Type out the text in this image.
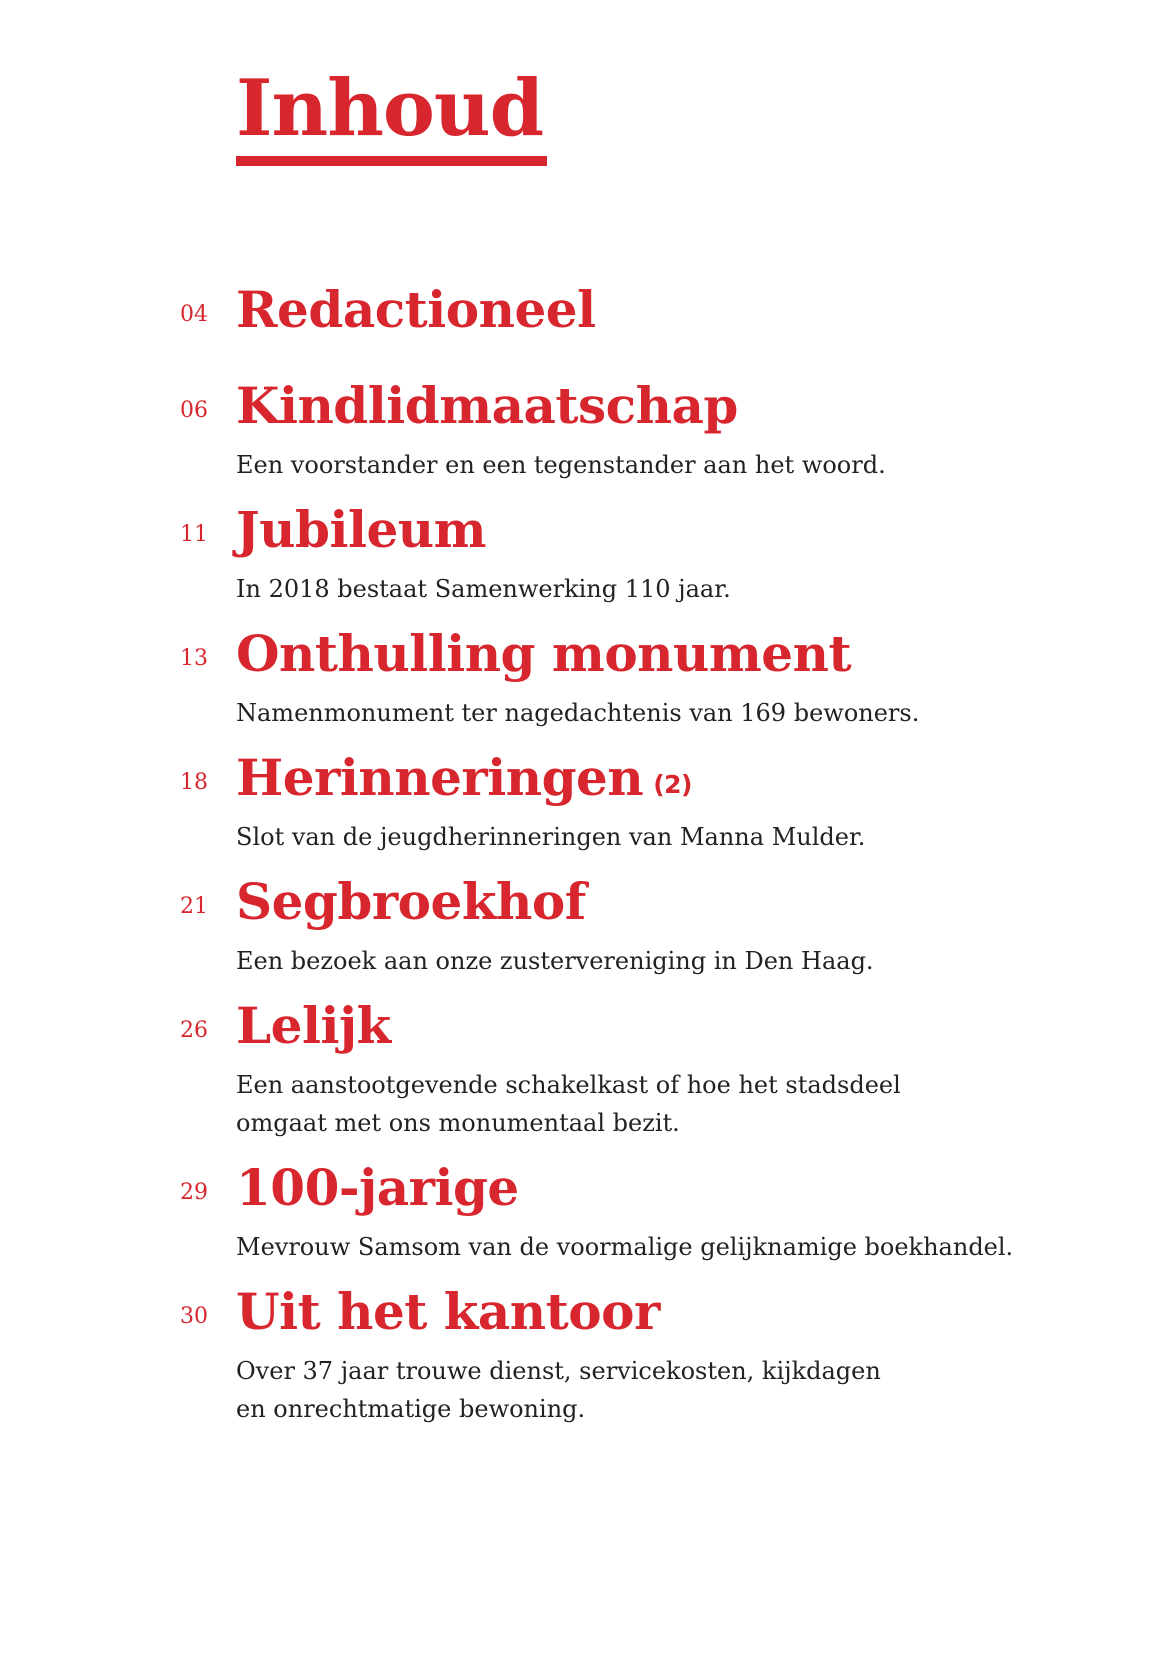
Inhoud
04 Redactioneel
06 Kindlidmaatschap
Een voorstander en een tegenstander aan het woord.
11 Jubileum
In 2018 bestaat Samenwerking 110 jaar.
13 Onthulling monument
Namenmonument ter nagedachtenis van 169 bewoners.
18 Herinneringen (2)
Slot van de jeugdherinneringen van Manna Mulder.
21 Segbroekhof
Een bezoek aan onze zustervereniging in Den Haag.
26 Lelijk
Een aanstootgevende schakelkast of hoe het stadsdeel
omgaat met ons monumentaal bezit.
29 100-jarige
Mevrouw Samsom van de voormalige gelijknamige boekhandel.
30 Uit het kantoor
Over 37 jaar trouwe dienst, servicekosten, kijkdagen
en onrechtmatige bewoning.
